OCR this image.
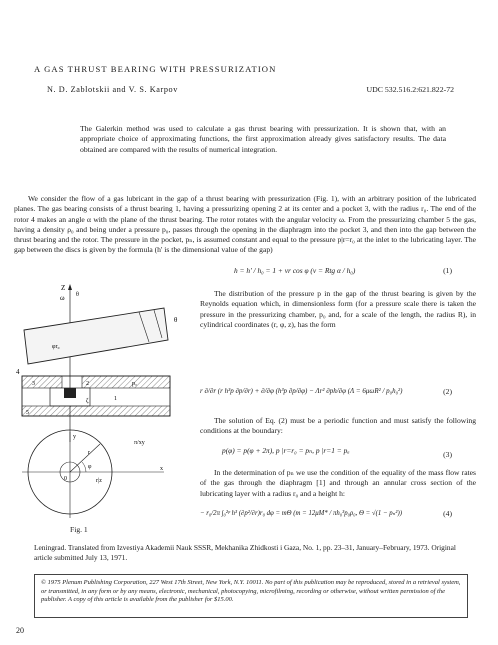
A GAS THRUST BEARING WITH PRESSURIZATION
N. D. Zablotskii and V. S. Karpov	UDC 532.516.2:621.822-72
The Galerkin method was used to calculate a gas thrust bearing with pressurization. It is shown that, with an appropriate choice of approximating functions, the first approximation already gives satisfactory results. The data obtained are compared with the results of numerical integration.
We consider the flow of a gas lubricant in the gap of a thrust bearing with pressurization (Fig. 1), with an arbitrary position of the lubricated planes. The gas bearing consists of a thrust bearing 1, having a pressurizing opening 2 at its center and a pocket 3, with the radius r₀. The end of the rotor 4 makes an angle α with the plane of the thrust bearing. The rotor rotates with the angular velocity ω. From the pressurizing chamber 5 the gas, having a density ρ₀ and being under a pressure p₀, passes through the opening in the diaphragm into the pocket 3, and then into the gap between the thrust bearing and the rotor. The pressure in the pocket, pₙ, is assumed constant and equal to the pressure p|r=r₀ at the inlet to the lubricating layer. The gap between the discs is given by the formula (h' is the dimensional value of the gap)
h = h′ / h₀ = 1 + νr cos φ (ν = Rtg α / h₀)	(1)
The distribution of the pressure p in the gap of the thrust bearing is given by the Reynolds equation which, in dimensionless form (for a pressure scale there is taken the pressure in the pressurizing chamber, p₀ and, for a scale of the length, the radius R), in cylindrical coordinates (r, φ, z), has the form
r ∂/∂r (r h³p ∂p/∂r) + ∂/∂φ (h³p ∂p/∂φ) − Λr² ∂ph/∂φ (Λ = 6μωR² / p₀h₀²)	(2)
The solution of Eq. (2) must be a periodic function and must satisfy the following conditions at the boundary:
p(φ) = p(φ + 2π), p |r=r₀ = pₙ, p |r=1 = pₐ	(3)
In the determination of pₙ we use the condition of the equality of the mass flow rates of the gas through the diaphragm [1] and through an annular cross section of the lubricating layer with a radius r₀ and a height h:
− r₀/2π ∫₀²ᵖ h³ (∂p²/∂r)r₀ dφ = mΘ (m = 12μM* / πh₀³p₀ρ₀, Θ = √(1 − pₙ²))	(4)
Z
ω θ
φr₀
4
θ
3	2
ζ
pₐ
1
5
π/xy
r
φ
0	r|z
x
y
Fig. 1
Leningrad. Translated from Izvestiya Akademii Nauk SSSR, Mekhanika Zhidkosti i Gaza, No. 1, pp. 23–31, January–February, 1973. Original article submitted July 13, 1971.
© 1975 Plenum Publishing Corporation, 227 West 17th Street, New York, N.Y. 10011. No part of this publication may be reproduced, stored in a retrieval system, or transmitted, in any form or by any means, electronic, mechanical, photocopying, microfilming, recording or otherwise, without written permission of the publisher. A copy of this article is available from the publisher for $15.00.
20
